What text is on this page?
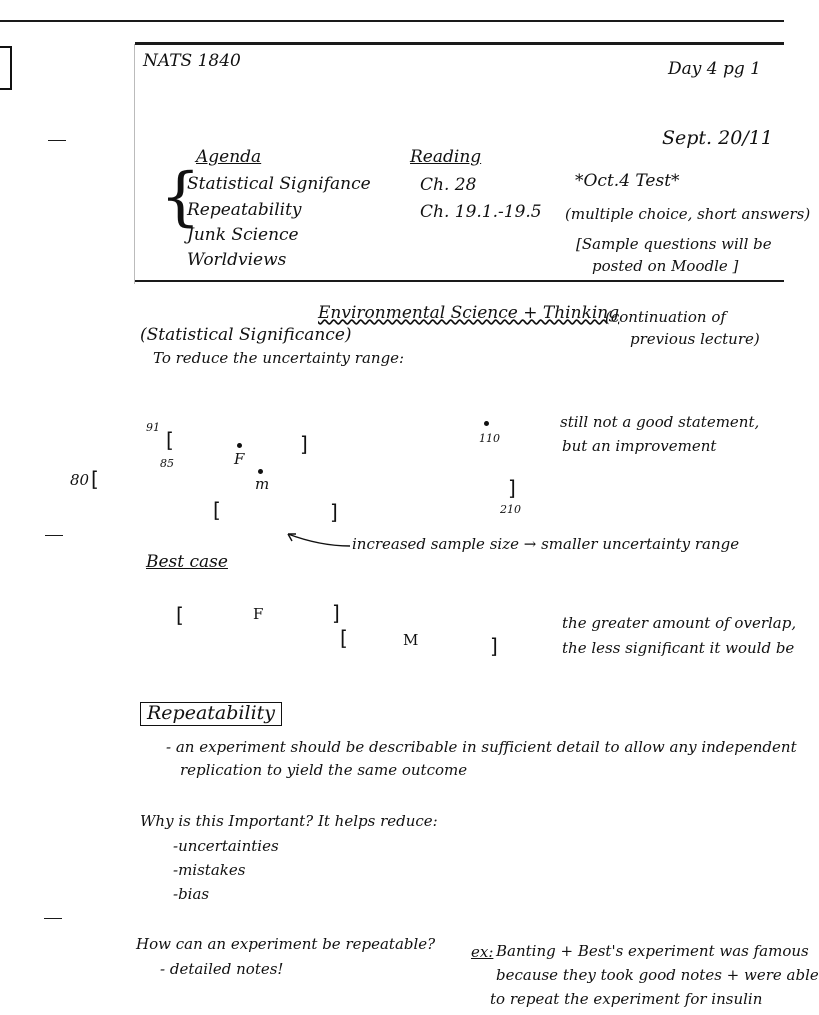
NATS 1840	Day 4 pg 1
Sept. 20/11
Agenda
{
Statistical Signifance
Repeatability
Junk Science
Worldviews
Reading
Ch. 28
Ch. 19.1.-19.5
*Oct.4 Test*
(multiple choice, short answers)
[Sample questions will be
posted on Moodle ]
Environmental Science + Thinking
(continuation of
previous lecture)
(Statistical Significance)
To reduce the uncertainty range:
91
[
85	F
]
m
80 [
110
]
210
[	]
still not a good statement,
but an improvement
increased sample size → smaller uncertainty range
Best case
[	F	]
[	M	]
the greater amount of overlap,
the less significant it would be
Repeatability
- an experiment should be describable in sufficient detail to allow any independent
replication to yield the same outcome
Why is this Important? It helps reduce:
-uncertainties
-mistakes
-bias
How can an experiment be repeatable?
- detailed notes!
ex: Banting + Best's experiment was famous
because they took good notes + were able
to repeat the experiment for insulin
